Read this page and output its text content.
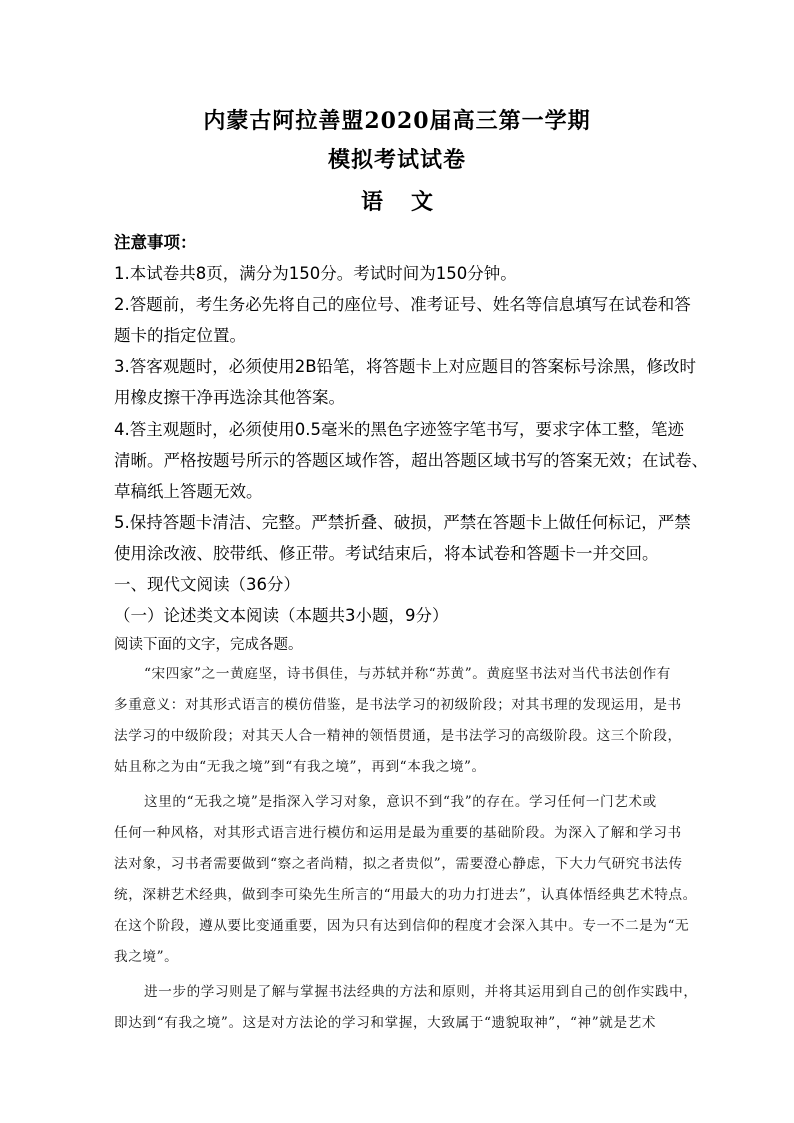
内蒙古阿拉善盟2020届高三第一学期
模拟考试试卷
语文
注意事项：
1.本试卷共8页，满分为150分。考试时间为150分钟。
2.答题前，考生务必先将自己的座位号、准考证号、姓名等信息填写在试卷和答
题卡的指定位置。
3.答客观题时，必须使用2B铅笔，将答题卡上对应题目的答案标号涂黑，修改时
用橡皮擦干净再选涂其他答案。
4.答主观题时，必须使用0.5毫米的黑色字迹签字笔书写，要求字体工整，笔迹
清晰。严格按题号所示的答题区域作答，超出答题区域书写的答案无效；在试卷、
草稿纸上答题无效。
5.保持答题卡清洁、完整。严禁折叠、破损，严禁在答题卡上做任何标记，严禁
使用涂改液、胶带纸、修正带。考试结束后，将本试卷和答题卡一并交回。
一、现代文阅读（36分）
（一）论述类文本阅读（本题共3小题，9分）
阅读下面的文字，完成各题。
“宋四家”之一黄庭坚，诗书俱佳，与苏轼并称“苏黄”。黄庭坚书法对当代书法创作有
多重意义：对其形式语言的模仿借鉴，是书法学习的初级阶段；对其书理的发现运用，是书
法学习的中级阶段；对其天人合一精神的领悟贯通，是书法学习的高级阶段。这三个阶段，
姑且称之为由“无我之境”到“有我之境”，再到“本我之境”。
这里的“无我之境”是指深入学习对象，意识不到“我”的存在。学习任何一门艺术或
任何一种风格，对其形式语言进行模仿和运用是最为重要的基础阶段。为深入了解和学习书
法对象，习书者需要做到“察之者尚精，拟之者贵似”，需要澄心静虑，下大力气研究书法传
统，深耕艺术经典，做到李可染先生所言的“用最大的功力打进去”，认真体悟经典艺术特点。
在这个阶段，遵从要比变通重要，因为只有达到信仰的程度才会深入其中。专一不二是为“无
我之境”。
进一步的学习则是了解与掌握书法经典的方法和原则，并将其运用到自己的创作实践中，
即达到“有我之境”。这是对方法论的学习和掌握，大致属于“遗貌取神”，“神”就是艺术
